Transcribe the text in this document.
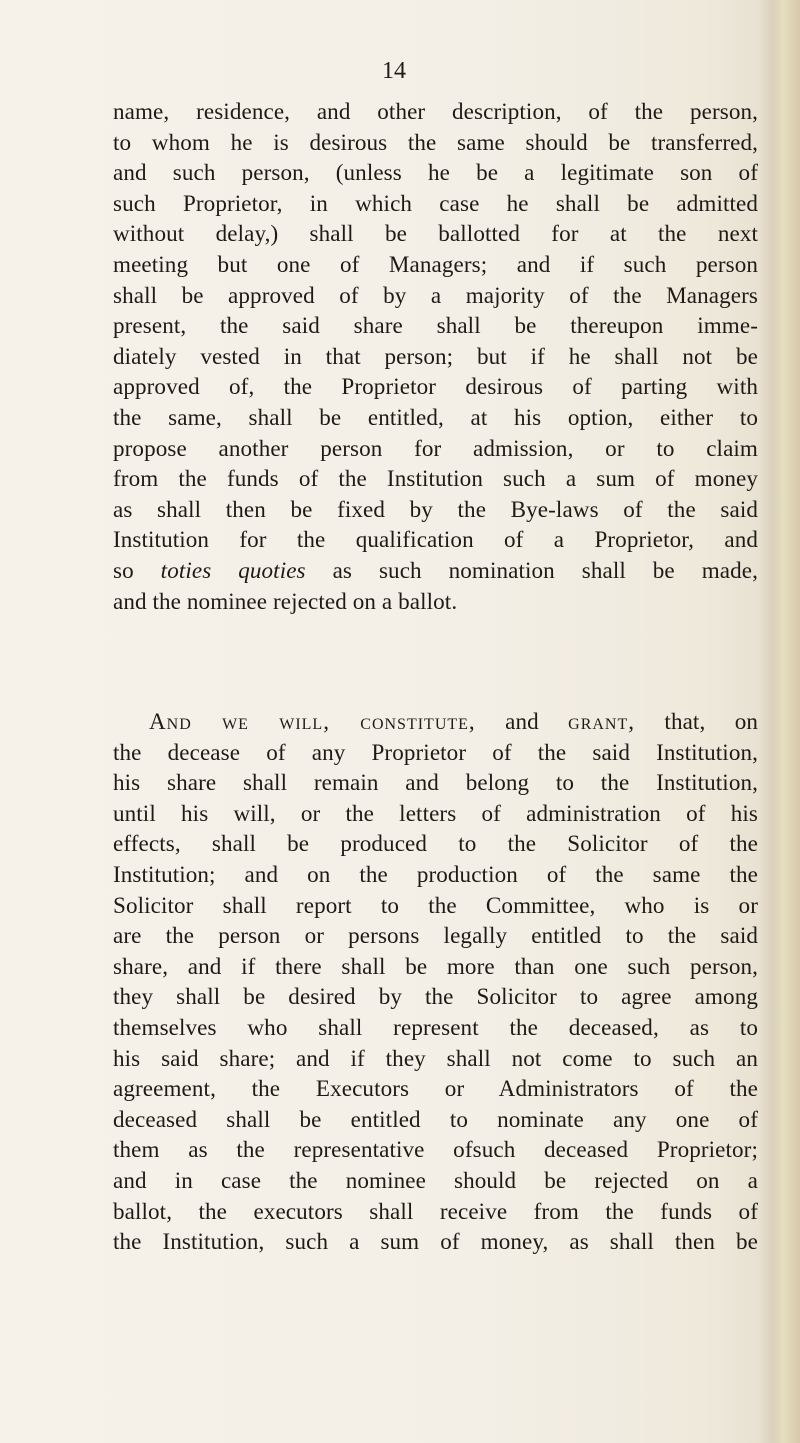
14
name, residence, and other description, of the person,
to whom he is desirous the same should be transferred,
and such person, (unless he be a legitimate son of
such Proprietor, in which case he shall be admitted
without delay,) shall be ballotted for at the next
meeting but one of Managers; and if such person
shall be approved of by a majority of the Managers
present, the said share shall be thereupon imme-
diately vested in that person; but if he shall not be
approved of, the Proprietor desirous of parting with
the same, shall be entitled, at his option, either to
propose another person for admission, or to claim
from the funds of the Institution such a sum of money
as shall then be fixed by the Bye-laws of the said
Institution for the qualification of a Proprietor, and
so toties quoties as such nomination shall be made,
and the nominee rejected on a ballot.
And we will, constitute, and grant, that, on
the decease of any Proprietor of the said Institution,
his share shall remain and belong to the Institution,
until his will, or the letters of administration of his
effects, shall be produced to the Solicitor of the
Institution; and on the production of the same the
Solicitor shall report to the Committee, who is or
are the person or persons legally entitled to the said
share, and if there shall be more than one such person,
they shall be desired by the Solicitor to agree among
themselves who shall represent the deceased, as to
his said share; and if they shall not come to such an
agreement, the Executors or Administrators of the
deceased shall be entitled to nominate any one of
them as the representative ofsuch deceased Proprietor;
and in case the nominee should be rejected on a
ballot, the executors shall receive from the funds of
the Institution, such a sum of money, as shall then be
